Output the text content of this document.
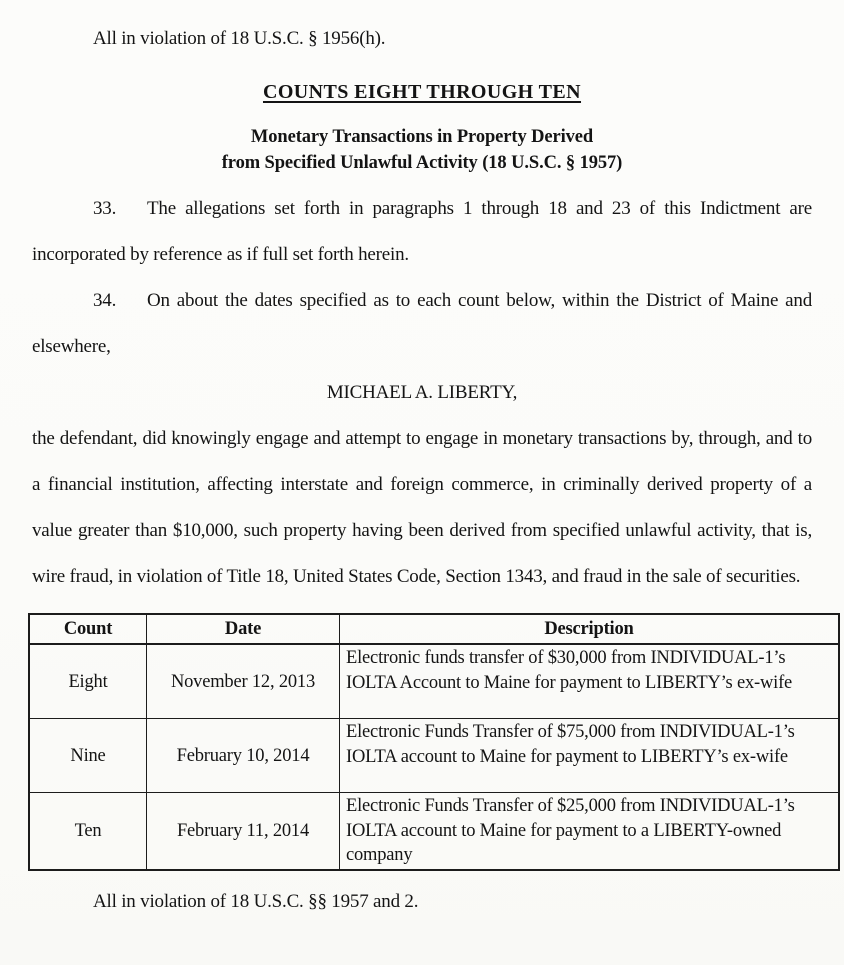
All in violation of 18 U.S.C. § 1956(h).

COUNTS EIGHT THROUGH TEN
Monetary Transactions in Property Derived
from Specified Unlawful Activity (18 U.S.C. § 1957)

33. The allegations set forth in paragraphs 1 through 18 and 23 of this Indictment are incorporated by reference as if full set forth herein.

34. On about the dates specified as to each count below, within the District of Maine and elsewhere,

MICHAEL A. LIBERTY,

the defendant, did knowingly engage and attempt to engage in monetary transactions by, through, and to a financial institution, affecting interstate and foreign commerce, in criminally derived property of a value greater than $10,000, such property having been derived from specified unlawful activity, that is, wire fraud, in violation of Title 18, United States Code, Section 1343, and fraud in the sale of securities.

Count	Date	Description
Eight	November 12, 2013	Electronic funds transfer of $30,000 from INDIVIDUAL-1’s IOLTA Account to Maine for payment to LIBERTY’s ex-wife
Nine	February 10, 2014	Electronic Funds Transfer of $75,000 from INDIVIDUAL-1’s IOLTA account to Maine for payment to LIBERTY’s ex-wife
Ten	February 11, 2014	Electronic Funds Transfer of $25,000 from INDIVIDUAL-1’s IOLTA account to Maine for payment to a LIBERTY-owned company

All in violation of 18 U.S.C. §§ 1957 and 2.
